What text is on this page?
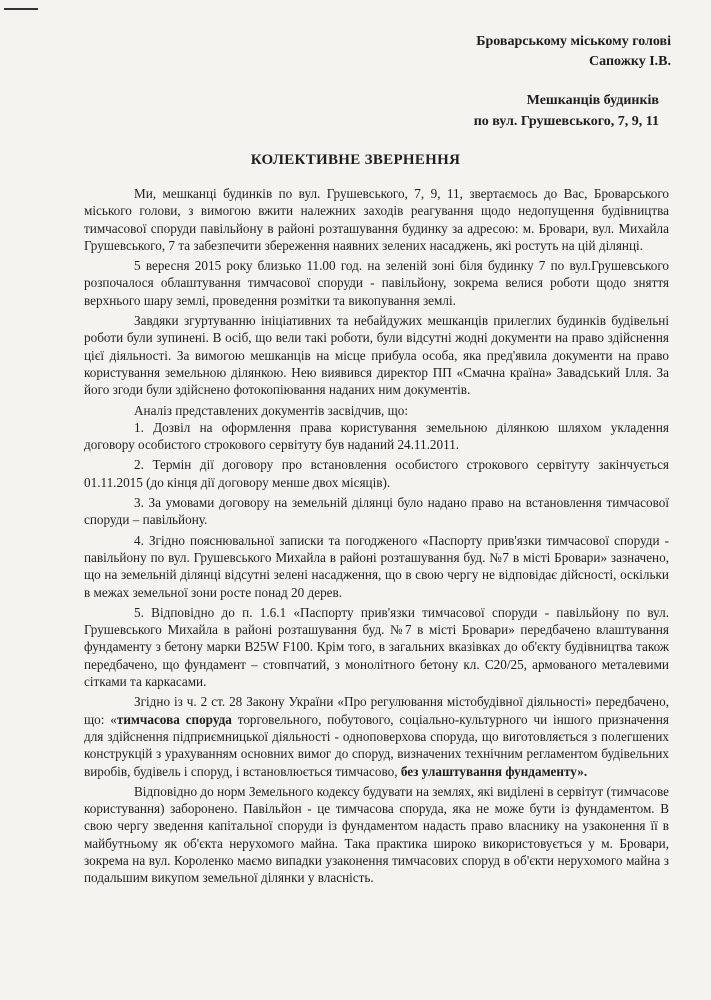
Броварському міському голові
Сапожку І.В.
Мешканців будинків
по вул. Грушевського, 7, 9, 11
КОЛЕКТИВНЕ ЗВЕРНЕННЯ

Ми, мешканці будинків по вул. Грушевського, 7, 9, 11, звертаємось до Вас, Броварського міського голови, з вимогою вжити належних заходів реагування щодо недопущення будівництва тимчасової споруди павільйону в районі розташування будинку за адресою: м. Бровари, вул. Михайла Грушевського, 7 та забезпечити збереження наявних зелених насаджень, які ростуть на цій ділянці.

5 вересня 2015 року близько 11.00 год. на зеленій зоні біля будинку 7 по вул.Грушевського розпочалося облаштування тимчасової споруди - павільйону, зокрема велися роботи щодо зняття верхнього шару землі, проведення розмітки та викопування землі.

Завдяки згуртуванню ініціативних та небайдужих мешканців прилеглих будинків будівельні роботи були зупинені. В осіб, що вели такі роботи, були відсутні жодні документи на право здійснення цієї діяльності. За вимогою мешканців на місце прибула особа, яка пред'явила документи на право користування земельною ділянкою. Нею виявився директор ПП «Смачна країна» Завадський Ілля. За його згоди були здійснено фотокопіювання наданих ним документів.

Аналіз представлених документів засвідчив, що:

1. Дозвіл на оформлення права користування земельною ділянкою шляхом укладення договору особистого строкового сервітуту був наданий 24.11.2011.

2. Термін дії договору про встановлення особистого строкового сервітуту закінчується 01.11.2015 (до кінця дії договору менше двох місяців).

3. За умовами договору на земельній ділянці було надано право на встановлення тимчасової споруди – павільйону.

4. Згідно пояснювальної записки та погодженого «Паспорту прив'язки тимчасової споруди - павільйону по вул. Грушевського Михайла в районі розташування буд. №7 в місті Бровари» зазначено, що на земельній ділянці відсутні зелені насадження, що в свою чергу не відповідає дійсності, оскільки в межах земельної зони росте понад 20 дерев.

5. Відповідно до п. 1.6.1 «Паспорту прив'язки тимчасової споруди - павільйону по вул. Грушевського Михайла в районі розташування буд. №7 в місті Бровари» передбачено влаштування фундаменту з бетону марки B25W F100. Крім того, в загальних вказівках до об'єкту будівництва також передбачено, що фундамент – стовпчатий, з монолітного бетону кл. С20/25, армованого металевими сітками та каркасами.

Згідно із ч. 2 ст. 28 Закону України «Про регулювання містобудівної діяльності» передбачено, що: «тимчасова споруда торговельного, побутового, соціально-культурного чи іншого призначення для здійснення підприємницької діяльності - одноповерхова споруда, що виготовляється з полегшених конструкцій з урахуванням основних вимог до споруд, визначених технічним регламентом будівельних виробів, будівель і споруд, і встановлюється тимчасово, без улаштування фундаменту».

Відповідно до норм Земельного кодексу будувати на землях, які виділені в сервітут (тимчасове користування) заборонено. Павільйон - це тимчасова споруда, яка не може бути із фундаментом. В свою чергу зведення капітальної споруди із фундаментом надасть право власнику на узаконення її в майбутньому як об'єкта нерухомого майна. Така практика широко використовується у м. Бровари, зокрема на вул. Короленко маємо випадки узаконення тимчасових споруд в об'єкти нерухомого майна з подальшим викупом земельної ділянки у власність.
